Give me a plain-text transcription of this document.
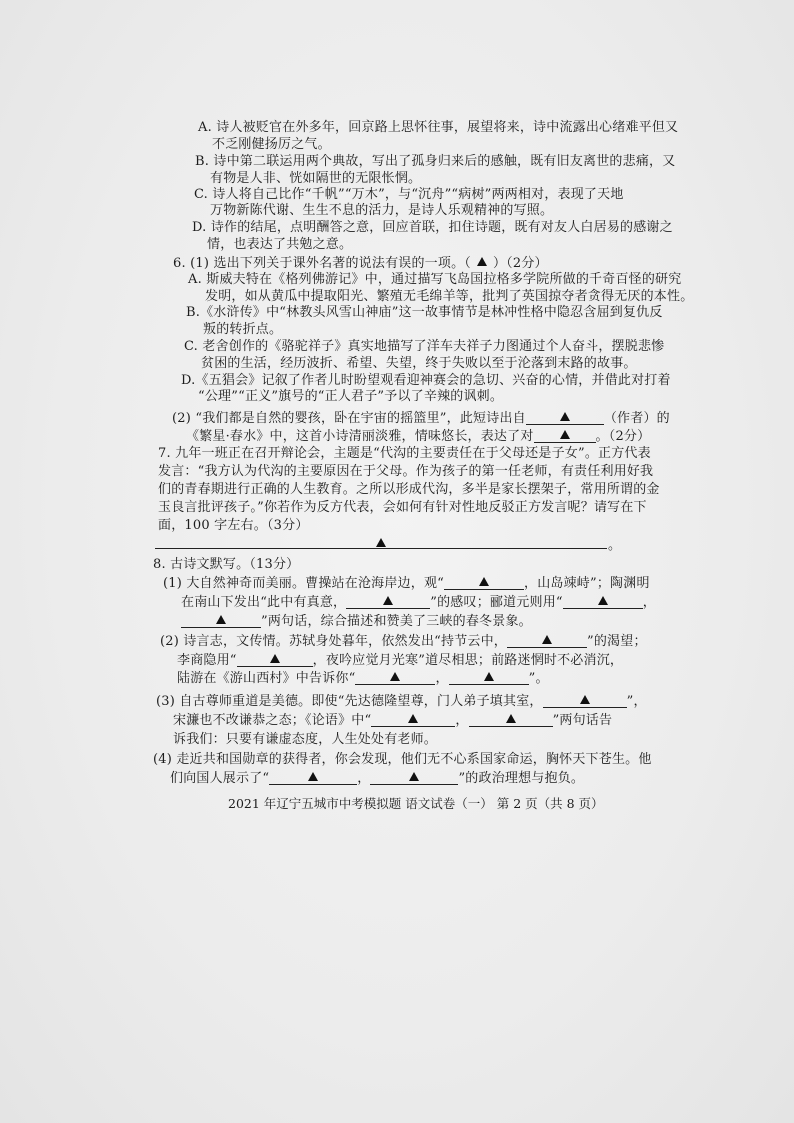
A. 诗人被贬官在外多年，回京路上思怀往事，展望将来，诗中流露出心绪难平但又
不乏刚健扬厉之气。
B. 诗中第二联运用两个典故，写出了孤身归来后的感触，既有旧友离世的悲痛，又
有物是人非、恍如隔世的无限怅惘。
C. 诗人将自己比作“千帆”“万木”，与“沉舟”“病树”两两相对，表现了天地
万物新陈代谢、生生不息的活力，是诗人乐观精神的写照。
D. 诗作的结尾，点明酬答之意，回应首联，扣住诗题，既有对友人白居易的感谢之
情，也表达了共勉之意。
6. (1) 选出下列关于课外名著的说法有误的一项。（ ）（2分）
A. 斯威夫特在《格列佛游记》中，通过描写飞岛国拉格多学院所做的千奇百怪的研究
发明，如从黄瓜中提取阳光、繁殖无毛绵羊等，批判了英国掠夺者贪得无厌的本性。
B.《水浒传》中“林教头风雪山神庙”这一故事情节是林冲性格中隐忍含屈到复仇反
叛的转折点。
C. 老舍创作的《骆驼祥子》真实地描写了洋车夫祥子力图通过个人奋斗，摆脱悲惨
贫困的生活，经历波折、希望、失望，终于失败以至于沦落到末路的故事。
D.《五猖会》记叙了作者儿时盼望观看迎神赛会的急切、兴奋的心情，并借此对打着
“公理”“正义”旗号的“正人君子”予以了辛辣的讽刺。
(2) “我们都是自然的婴孩，卧在宇宙的摇篮里”，此短诗出自	（作者）的
《繁星·春水》中，这首小诗清丽淡雅，情味悠长，表达了对	。（2分）
7. 九年一班正在召开辩论会，主题是“代沟的主要责任在于父母还是子女”。正方代表
发言：“我方认为代沟的主要原因在于父母。作为孩子的第一任老师，有责任利用好我
们的青春期进行正确的人生教育。之所以形成代沟，多半是家长摆架子，常用所谓的金
玉良言批评孩子。”你若作为反方代表，会如何有针对性地反驳正方发言呢？请写在下
面，100 字左右。（3分）
。
8. 古诗文默写。（13分）
(1) 大自然神奇而美丽。曹操站在沧海岸边，观“	，山岛竦峙”；陶渊明
在南山下发出“此中有真意，	”的感叹；郦道元则用“	，
”两句话，综合描述和赞美了三峡的春冬景象。
(2) 诗言志，文传情。苏轼身处暮年，依然发出“持节云中，	”的渴望；
李商隐用“	，夜吟应觉月光寒”道尽相思；前路迷惘时不必消沉，
陆游在《游山西村》中告诉你“	，	”。
(3) 自古尊师重道是美德。即使“先达德隆望尊，门人弟子填其室，	”，
宋濂也不改谦恭之态；《论语》中“	，	”两句话告
诉我们：只要有谦虚态度，人生处处有老师。
(4) 走近共和国勋章的获得者，你会发现，他们无不心系国家命运，胸怀天下苍生。他
们向国人展示了“	，	”的政治理想与抱负。
2021 年辽宁五城市中考模拟题 语文试卷（一） 第 2 页（共 8 页）
